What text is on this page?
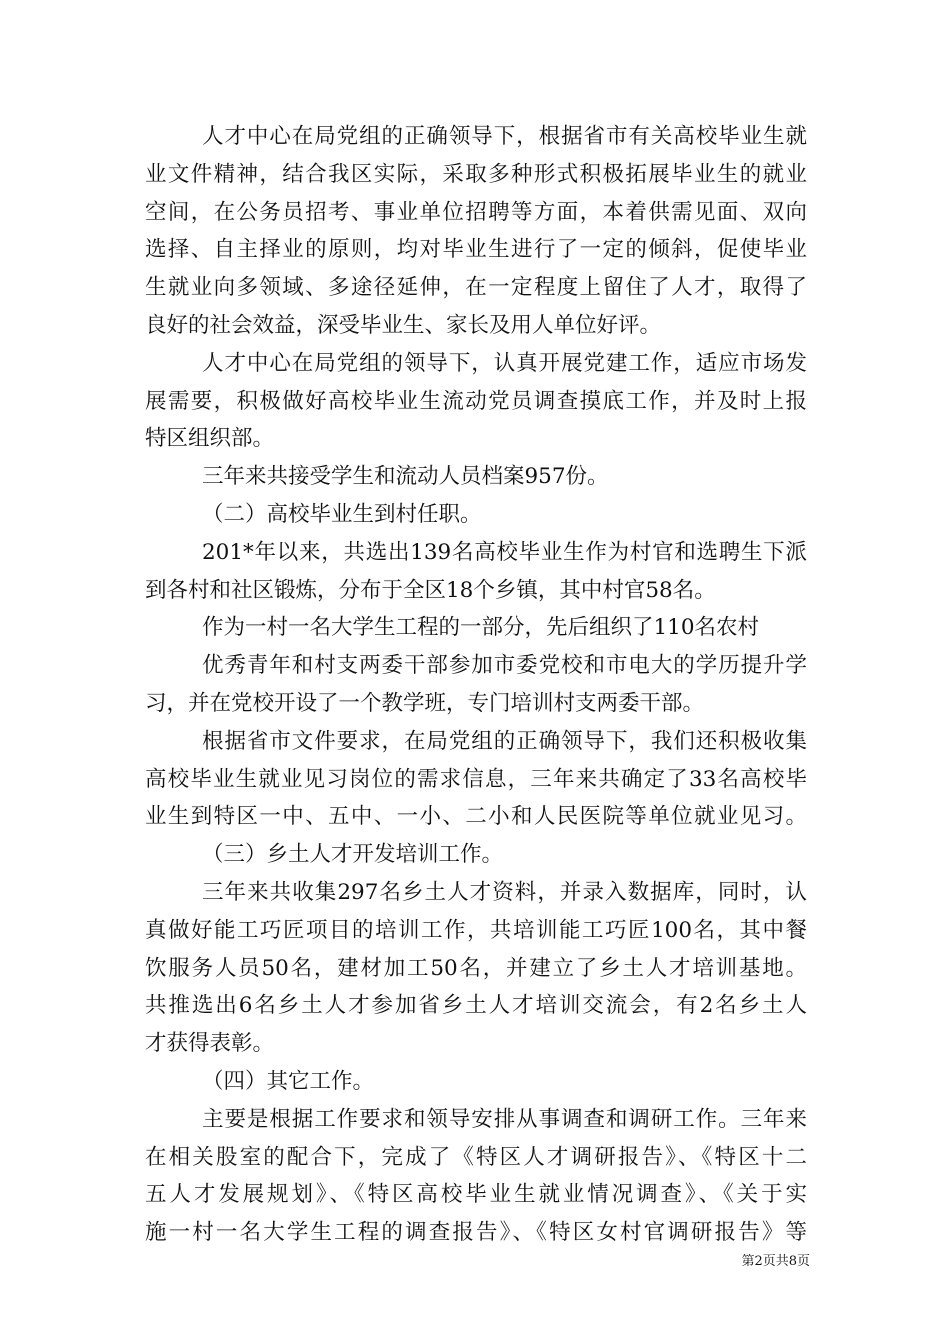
人才中心在局党组的正确领导下，根据省市有关高校毕业生就
业文件精神，结合我区实际，采取多种形式积极拓展毕业生的就业
空间，在公务员招考、事业单位招聘等方面，本着供需见面、双向
选择、自主择业的原则，均对毕业生进行了一定的倾斜，促使毕业
生就业向多领域、多途径延伸，在一定程度上留住了人才，取得了
良好的社会效益，深受毕业生、家长及用人单位好评。
人才中心在局党组的领导下，认真开展党建工作，适应市场发
展需要，积极做好高校毕业生流动党员调查摸底工作，并及时上报
特区组织部。
三年来共接受学生和流动人员档案957份。
（二）高校毕业生到村任职。
201*年以来，共选出139名高校毕业生作为村官和选聘生下派
到各村和社区锻炼，分布于全区18个乡镇，其中村官58名。
作为一村一名大学生工程的一部分，先后组织了110名农村
优秀青年和村支两委干部参加市委党校和市电大的学历提升学
习，并在党校开设了一个教学班，专门培训村支两委干部。
根据省市文件要求，在局党组的正确领导下，我们还积极收集
高校毕业生就业见习岗位的需求信息，三年来共确定了33名高校毕
业生到特区一中、五中、一小、二小和人民医院等单位就业见习。
（三）乡土人才开发培训工作。
三年来共收集297名乡土人才资料，并录入数据库，同时，认
真做好能工巧匠项目的培训工作，共培训能工巧匠100名，其中餐
饮服务人员50名，建材加工50名，并建立了乡土人才培训基地。
共推选出6名乡土人才参加省乡土人才培训交流会，有2名乡土人
才获得表彰。
（四）其它工作。
主要是根据工作要求和领导安排从事调查和调研工作。三年来
在相关股室的配合下，完成了《特区人才调研报告》、《特区十二
五人才发展规划》、《特区高校毕业生就业情况调查》、《关于实
施一村一名大学生工程的调查报告》、《特区女村官调研报告》等
第2页共8页
